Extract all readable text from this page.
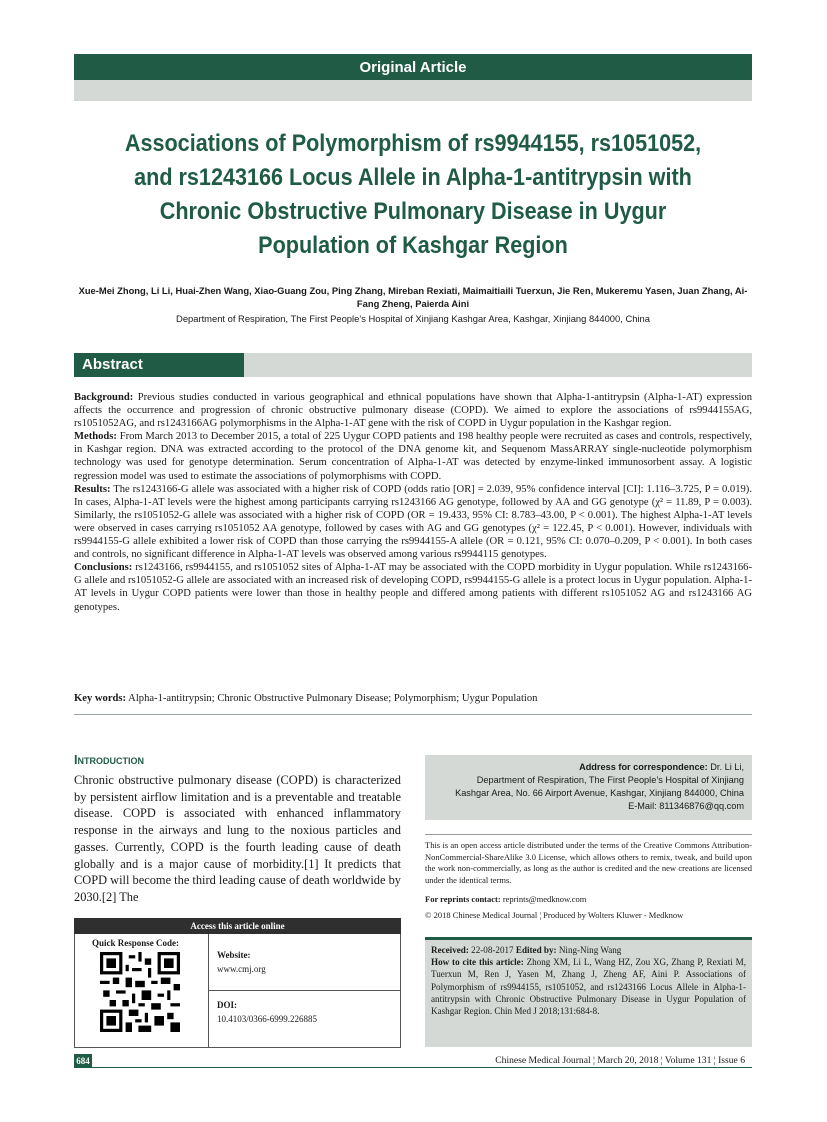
Original Article
Associations of Polymorphism of rs9944155, rs1051052, and rs1243166 Locus Allele in Alpha-1-antitrypsin with Chronic Obstructive Pulmonary Disease in Uygur Population of Kashgar Region
Xue-Mei Zhong, Li Li, Huai-Zhen Wang, Xiao-Guang Zou, Ping Zhang, Mireban Rexiati, Maimaitiaili Tuerxun, Jie Ren, Mukeremu Yasen, Juan Zhang, Ai-Fang Zheng, Paierda Aini
Department of Respiration, The First People’s Hospital of Xinjiang Kashgar Area, Kashgar, Xinjiang 844000, China
Abstract

Background: Previous studies conducted in various geographical and ethnical populations have shown that Alpha-1-antitrypsin (Alpha-1-AT) expression affects the occurrence and progression of chronic obstructive pulmonary disease (COPD). We aimed to explore the associations of rs9944155AG, rs1051052AG, and rs1243166AG polymorphisms in the Alpha-1-AT gene with the risk of COPD in Uygur population in the Kashgar region.

Methods: From March 2013 to December 2015, a total of 225 Uygur COPD patients and 198 healthy people were recruited as cases and controls, respectively, in Kashgar region. DNA was extracted according to the protocol of the DNA genome kit, and Sequenom MassARRAY single-nucleotide polymorphism technology was used for genotype determination. Serum concentration of Alpha-1-AT was detected by enzyme-linked immunosorbent assay. A logistic regression model was used to estimate the associations of polymorphisms with COPD.

Results: The rs1243166-G allele was associated with a higher risk of COPD (odds ratio [OR] = 2.039, 95% confidence interval [CI]: 1.116–3.725, P = 0.019). In cases, Alpha-1-AT levels were the highest among participants carrying rs1243166 AG genotype, followed by AA and GG genotype (χ² = 11.89, P = 0.003). Similarly, the rs1051052-G allele was associated with a higher risk of COPD (OR = 19.433, 95% CI: 8.783–43.00, P < 0.001). The highest Alpha-1-AT levels were observed in cases carrying rs1051052 AA genotype, followed by cases with AG and GG genotypes (χ² = 122.45, P < 0.001). However, individuals with rs9944155-G allele exhibited a lower risk of COPD than those carrying the rs9944155-A allele (OR = 0.121, 95% CI: 0.070–0.209, P < 0.001). In both cases and controls, no significant difference in Alpha-1-AT levels was observed among various rs9944115 genotypes.

Conclusions: rs1243166, rs9944155, and rs1051052 sites of Alpha-1-AT may be associated with the COPD morbidity in Uygur population. While rs1243166-G allele and rs1051052-G allele are associated with an increased risk of developing COPD, rs9944155-G allele is a protect locus in Uygur population. Alpha-1-AT levels in Uygur COPD patients were lower than those in healthy people and differed among patients with different rs1051052 AG and rs1243166 AG genotypes.

Key words: Alpha-1-antitrypsin; Chronic Obstructive Pulmonary Disease; Polymorphism; Uygur Population
Introduction
Chronic obstructive pulmonary disease (COPD) is characterized by persistent airflow limitation and is a preventable and treatable disease. COPD is associated with enhanced inflammatory response in the airways and lung to the noxious particles and gasses. Currently, COPD is the fourth leading cause of death globally and is a major cause of morbidity.[1] It predicts that COPD will become the third leading cause of death worldwide by 2030.[2] The
Access this article online
Quick Response Code:
Website:
www.cmj.org
DOI:
10.4103/0366-6999.226885
Address for correspondence: Dr. Li Li,
Department of Respiration, The First People’s Hospital of Xinjiang
Kashgar Area, No. 66 Airport Avenue, Kashgar, Xinjiang 844000, China
E-Mail: 811346876@qq.com
This is an open access article distributed under the terms of the Creative Commons Attribution-NonCommercial-ShareAlike 3.0 License, which allows others to remix, tweak, and build upon the work non-commercially, as long as the author is credited and the new creations are licensed under the identical terms.
For reprints contact: reprints@medknow.com
© 2018 Chinese Medical Journal ¦ Produced by Wolters Kluwer - Medknow
Received: 22-08-2017 Edited by: Ning-Ning Wang
How to cite this article: Zhong XM, Li L, Wang HZ, Zou XG, Zhang P, Rexiati M, Tuerxun M, Ren J, Yasen M, Zhang J, Zheng AF, Aini P. Associations of Polymorphism of rs9944155, rs1051052, and rs1243166 Locus Allele in Alpha-1-antitrypsin with Chronic Obstructive Pulmonary Disease in Uygur Population of Kashgar Region. Chin Med J 2018;131:684-8.
684	Chinese Medical Journal ¦ March 20, 2018 ¦ Volume 131 ¦ Issue 6
